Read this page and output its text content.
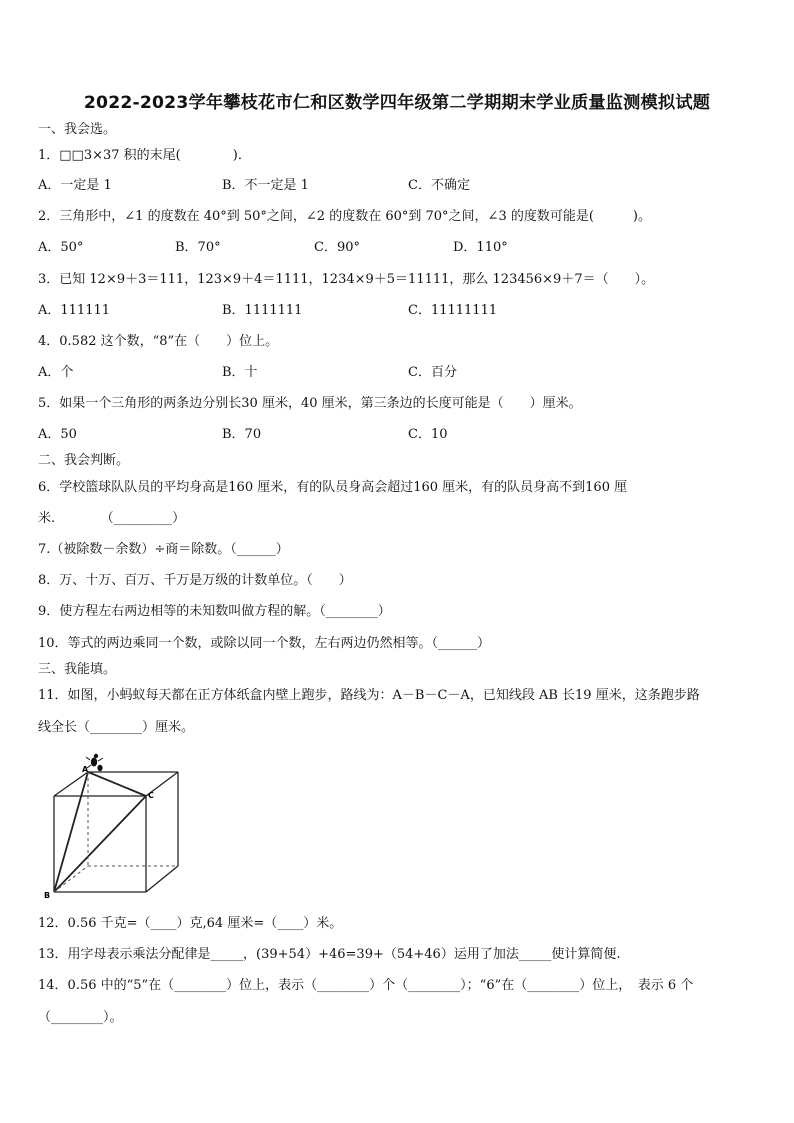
2022-2023学年攀枝花市仁和区数学四年级第二学期期末学业质量监测模拟试题
一、我会选。
1．□□3×37 积的末尾(　　　　)．
A．一定是 1	B．不一定是 1	C．不确定
2．三角形中，∠1 的度数在 40°到 50°之间，∠2 的度数在 60°到 70°之间，∠3 的度数可能是(　　　)。
A．50°	B．70°	C．90°	D．110°
3．已知 12×9＋3＝111，123×9＋4＝1111，1234×9＋5＝11111，那么 123456×9＋7＝（　　）。
A．111111	B．1111111	C．11111111
4．0.582 这个数，“8”在（　　）位上。
A．个	B．十	C．百分
5．如果一个三角形的两条边分别长30 厘米，40 厘米，第三条边的长度可能是（　　）厘米。
A．50	B．70	C．10
二、我会判断。
6．学校篮球队队员的平均身高是160 厘米，有的队员身高会超过160 厘米，有的队员身高不到160 厘
米.　　　　（_________）
7.（被除数－余数）÷商＝除数。（______）
8．万、十万、百万、千万是万级的计数单位。（　　）
9．使方程左右两边相等的未知数叫做方程的解。（________）
10．等式的两边乘同一个数，或除以同一个数，左右两边仍然相等。（______）
三、我能填。
11．如图，小蚂蚁每天都在正方体纸盒内壁上跑步，路线为：A－B－C－A，已知线段 AB 长19 厘米，这条跑步路
线全长（________）厘米。
A
C
B
12．0.56 千克=（____）克,64 厘米=（____）米。
13．用字母表示乘法分配律是_____，(39+54）+46=39+（54+46）运用了加法_____使计算简便.
14．0.56 中的“5”在（________）位上，表示（________）个（________）；“6”在（________）位上，　表示 6 个
（________）。
